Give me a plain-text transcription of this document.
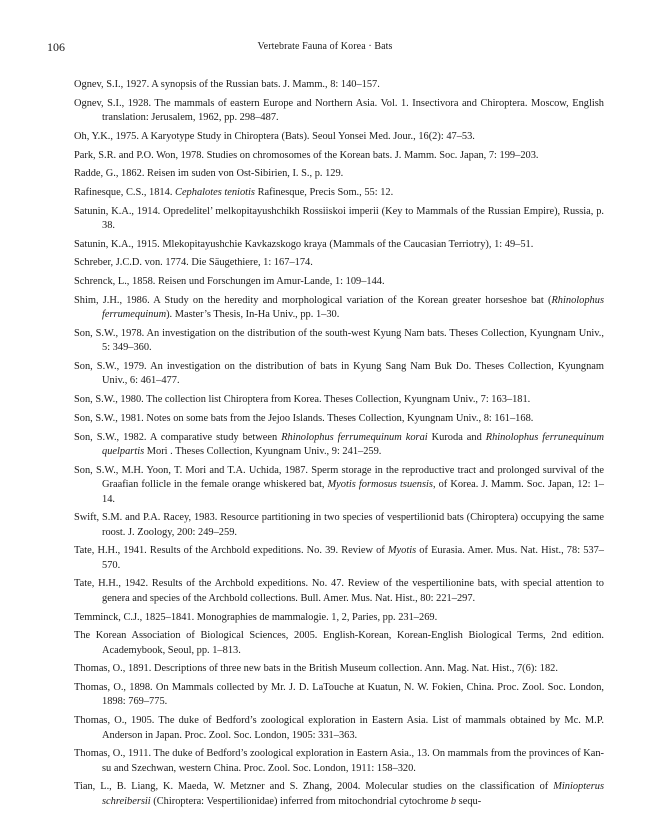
106	Vertebrate Fauna of Korea · Bats
Ognev, S.I., 1927. A synopsis of the Russian bats. J. Mamm., 8: 140–157.
Ognev, S.I., 1928. The mammals of eastern Europe and Northern Asia. Vol. 1. Insectivora and Chiroptera. Moscow, English translation: Jerusalem, 1962, pp. 298–487.
Oh, Y.K., 1975. A Karyotype Study in Chiroptera (Bats). Seoul Yonsei Med. Jour., 16(2): 47–53.
Park, S.R. and P.O. Won, 1978. Studies on chromosomes of the Korean bats. J. Mamm. Soc. Japan, 7: 199–203.
Radde, G., 1862. Reisen im suden von Ost-Sibirien, I. S., p. 129.
Rafinesque, C.S., 1814. Cephalotes teniotis Rafinesque, Precis Som., 55: 12.
Satunin, K.A., 1914. Opredelitel’ melkopitayushchikh Rossiiskoi imperii (Key to Mammals of the Russian Empire), Russia, p. 38.
Satunin, K.A., 1915. Mlekopitayushchie Kavkazskogo kraya (Mammals of the Caucasian Terriotry), 1: 49–51.
Schreber, J.C.D. von. 1774. Die Säugethiere, 1: 167–174.
Schrenck, L., 1858. Reisen und Forschungen im Amur-Lande, 1: 109–144.
Shim, J.H., 1986. A Study on the heredity and morphological variation of the Korean greater horseshoe bat (Rhinolophus ferrumequinum). Master’s Thesis, In-Ha Univ., pp. 1–30.
Son, S.W., 1978. An investigation on the distribution of the south-west Kyung Nam bats. Theses Collection, Kyungnam Univ., 5: 349–360.
Son, S.W., 1979. An investigation on the distribution of bats in Kyung Sang Nam Buk Do. Theses Collection, Kyungnam Univ., 6: 461–477.
Son, S.W., 1980. The collection list Chiroptera from Korea. Theses Collection, Kyungnam Univ., 7: 163–181.
Son, S.W., 1981. Notes on some bats from the Jejoo Islands. Theses Collection, Kyungnam Univ., 8: 161–168.
Son, S.W., 1982. A comparative study between Rhinolophus ferrumequinum korai Kuroda and Rhinolophus ferrunequinum quelpartis Mori . Theses Collection, Kyungnam Univ., 9: 241–259.
Son, S.W., M.H. Yoon, T. Mori and T.A. Uchida, 1987. Sperm storage in the reproductive tract and prolonged survival of the Graafian follicle in the female orange whiskered bat, Myotis formosus tsuensis, of Korea. J. Mamm. Soc. Japan, 12: 1–14.
Swift, S.M. and P.A. Racey, 1983. Resource partitioning in two species of vespertilionid bats (Chiroptera) occupying the same roost. J. Zoology, 200: 249–259.
Tate, H.H., 1941. Results of the Archbold expeditions. No. 39. Review of Myotis of Eurasia. Amer. Mus. Nat. Hist., 78: 537–570.
Tate, H.H., 1942. Results of the Archbold expeditions. No. 47. Review of the vespertilionine bats, with special attention to genera and species of the Archbold collections. Bull. Amer. Mus. Nat. Hist., 80: 221–297.
Temminck, C.J., 1825–1841. Monographies de mammalogie. 1, 2, Paries, pp. 231–269.
The Korean Association of Biological Sciences, 2005. English-Korean, Korean-English Biological Terms, 2nd edition. Academybook, Seoul, pp. 1–813.
Thomas, O., 1891. Descriptions of three new bats in the British Museum collection. Ann. Mag. Nat. Hist., 7(6): 182.
Thomas, O., 1898. On Mammals collected by Mr. J. D. LaTouche at Kuatun, N. W. Fokien, China. Proc. Zool. Soc. London, 1898: 769–775.
Thomas, O., 1905. The duke of Bedford’s zoological exploration in Eastern Asia. List of mammals obtained by Mc. M.P. Anderson in Japan. Proc. Zool. Soc. London, 1905: 331–363.
Thomas, O., 1911. The duke of Bedford’s zoological exploration in Eastern Asia., 13. On mammals from the provinces of Kan-su and Szechwan, western China. Proc. Zool. Soc. London, 1911: 158–320.
Tian, L., B. Liang, K. Maeda, W. Metzner and S. Zhang, 2004. Molecular studies on the classification of Miniopterus schreibersii (Chiroptera: Vespertilionidae) inferred from mitochondrial cytochrome b sequ-
